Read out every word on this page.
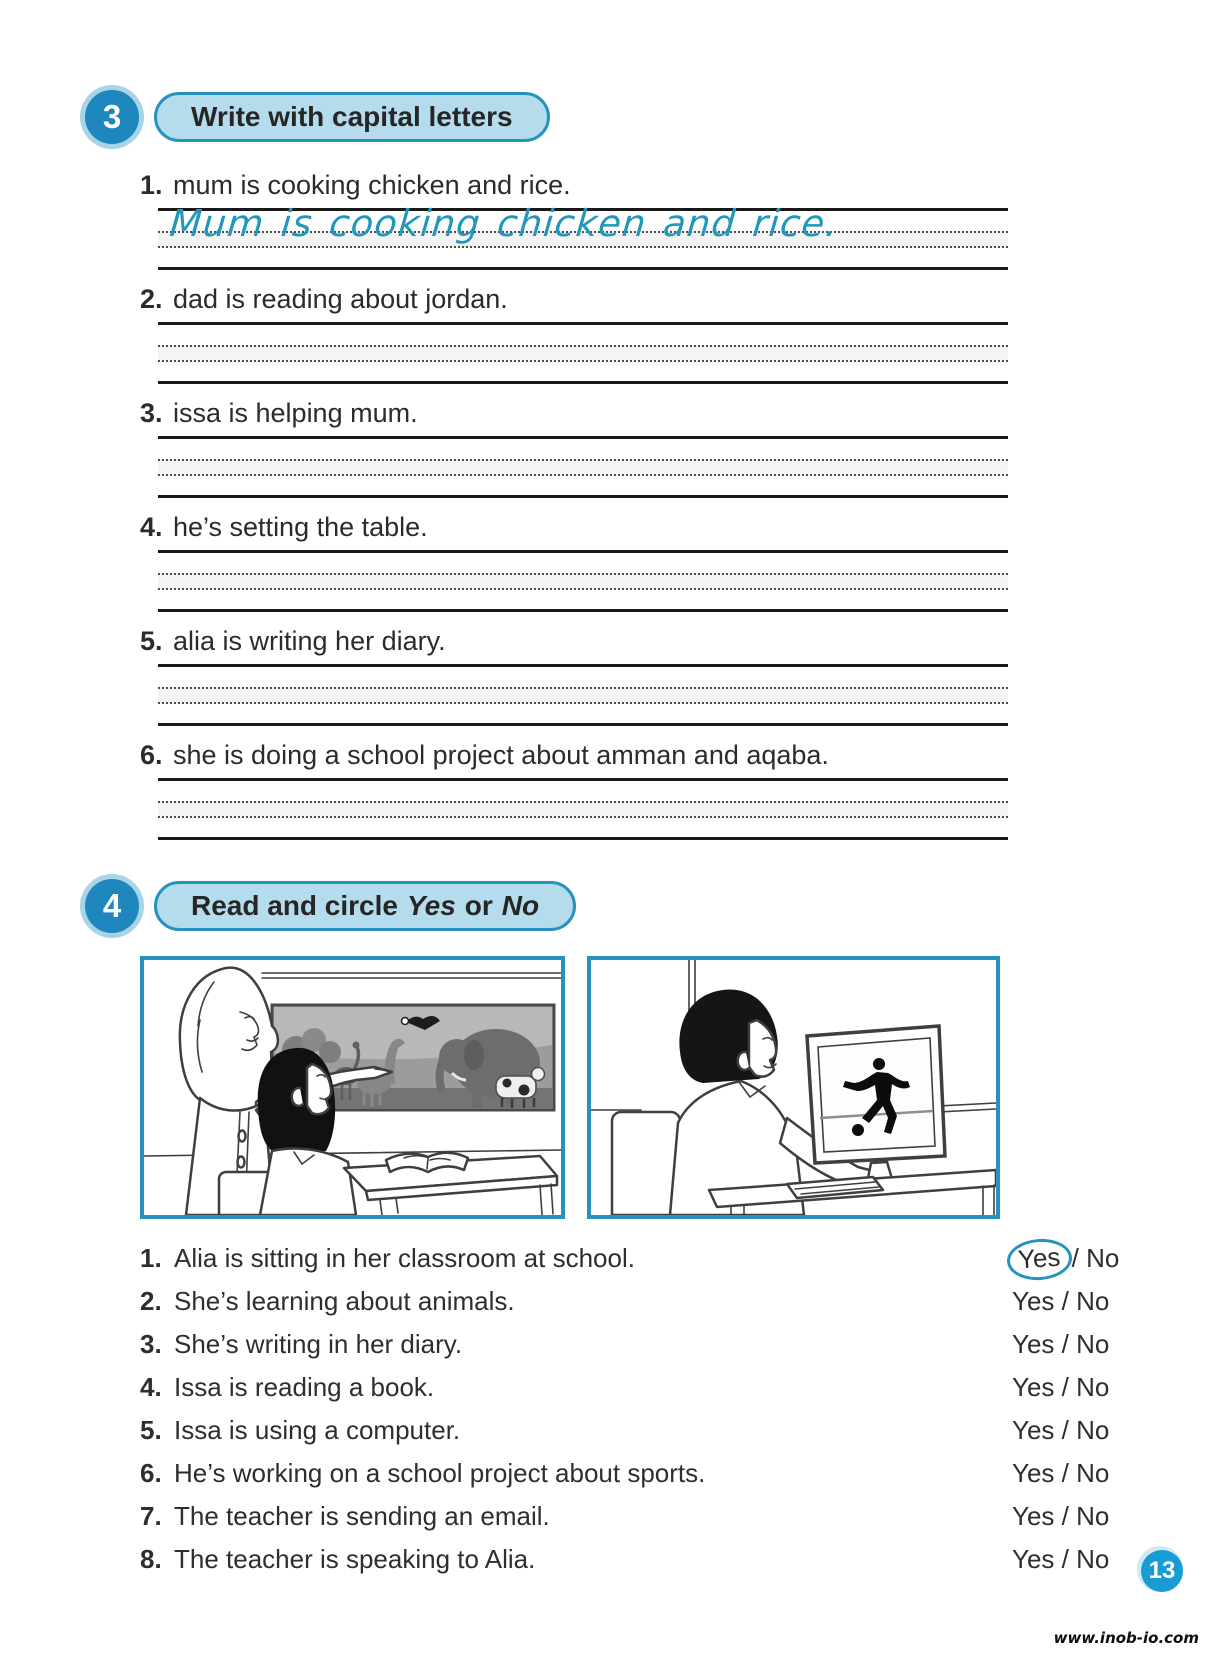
3	Write with capital letters
1. mum is cooking chicken and rice.
Mum is cooking chicken and rice.
2. dad is reading about jordan.
3. issa is helping mum.
4. he’s setting the table.
5. alia is writing her diary.
6. she is doing a school project about amman and aqaba.
4	Read and circle Yes or No
1. Alia is sitting in her classroom at school.	Yes / No
2. She’s learning about animals.	Yes / No
3. She’s writing in her diary.	Yes / No
4. Issa is reading a book.	Yes / No
5. Issa is using a computer.	Yes / No
6. He’s working on a school project about sports.	Yes / No
7. The teacher is sending an email.	Yes / No
8. The teacher is speaking to Alia.	Yes / No	13
www.inob-io.com
